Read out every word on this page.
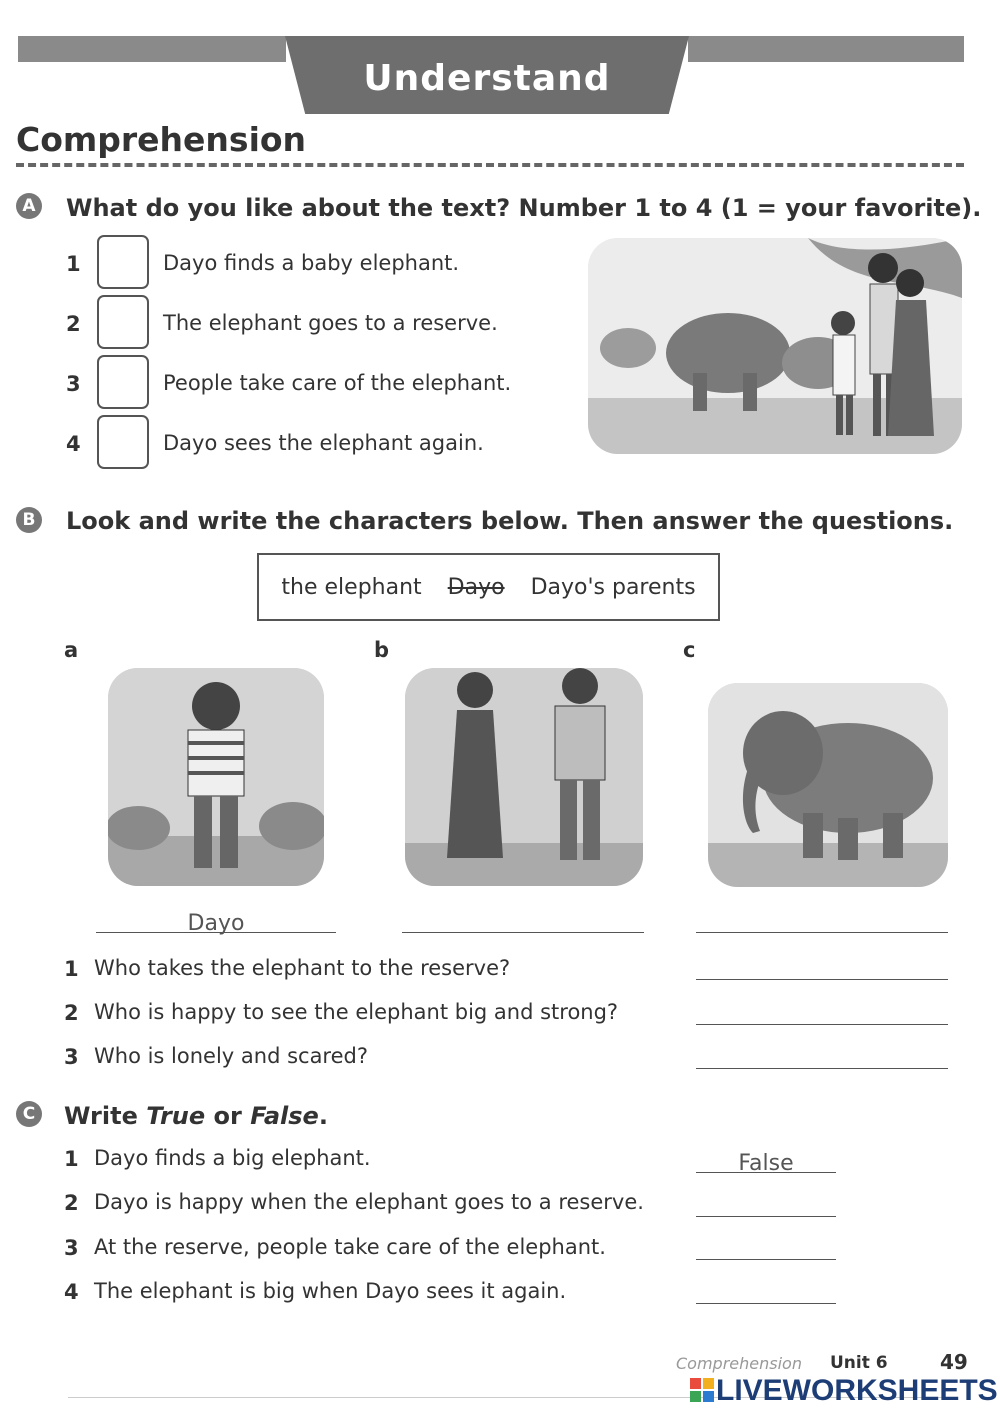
Understand
Comprehension
A What do you like about the text? Number 1 to 4 (1 = your favorite).
1	Dayo finds a baby elephant.
2	The elephant goes to a reserve.
3	People take care of the elephant.
4	Dayo sees the elephant again.
B Look and write the characters below. Then answer the questions.
the elephant Dayo Dayo's parents
a	b	c
Dayo
1 Who takes the elephant to the reserve?
2 Who is happy to see the elephant big and strong?
3 Who is lonely and scared?
C Write True or False.
1 Dayo finds a big elephant.	False
2 Dayo is happy when the elephant goes to a reserve.
3 At the reserve, people take care of the elephant.
4 The elephant is big when Dayo sees it again.
Comprehension Unit 6	49
LIVEWORKSHEETS
